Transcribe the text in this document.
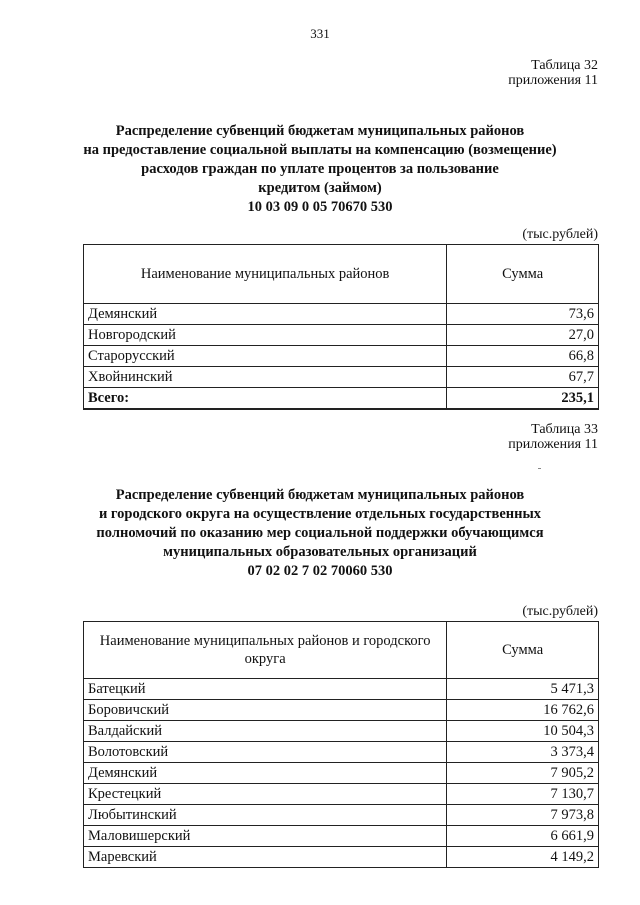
331
Таблица 32
приложения 11
Распределение субвенций бюджетам муниципальных районов
на предоставление социальной выплаты на компенсацию (возмещение)
расходов граждан по уплате процентов за пользование
кредитом (займом)
10 03 09 0 05 70670 530
(тыс.рублей)
Наименование муниципальных районов	Сумма
Демянский	73,6
Новгородский	27,0
Старорусский	66,8
Хвойнинский	67,7
Всего:	235,1
Таблица 33
приложения 11
Распределение субвенций бюджетам муниципальных районов
и городского округа на осуществление отдельных государственных
полномочий по оказанию мер социальной поддержки обучающимся
муниципальных образовательных организаций
07 02 02 7 02 70060 530
(тыс.рублей)
Наименование муниципальных районов и городского округа	Сумма
Батецкий	5 471,3
Боровичский	16 762,6
Валдайский	10 504,3
Волотовский	3 373,4
Демянский	7 905,2
Крестецкий	7 130,7
Любытинский	7 973,8
Маловишерский	6 661,9
Маревский	4 149,2
